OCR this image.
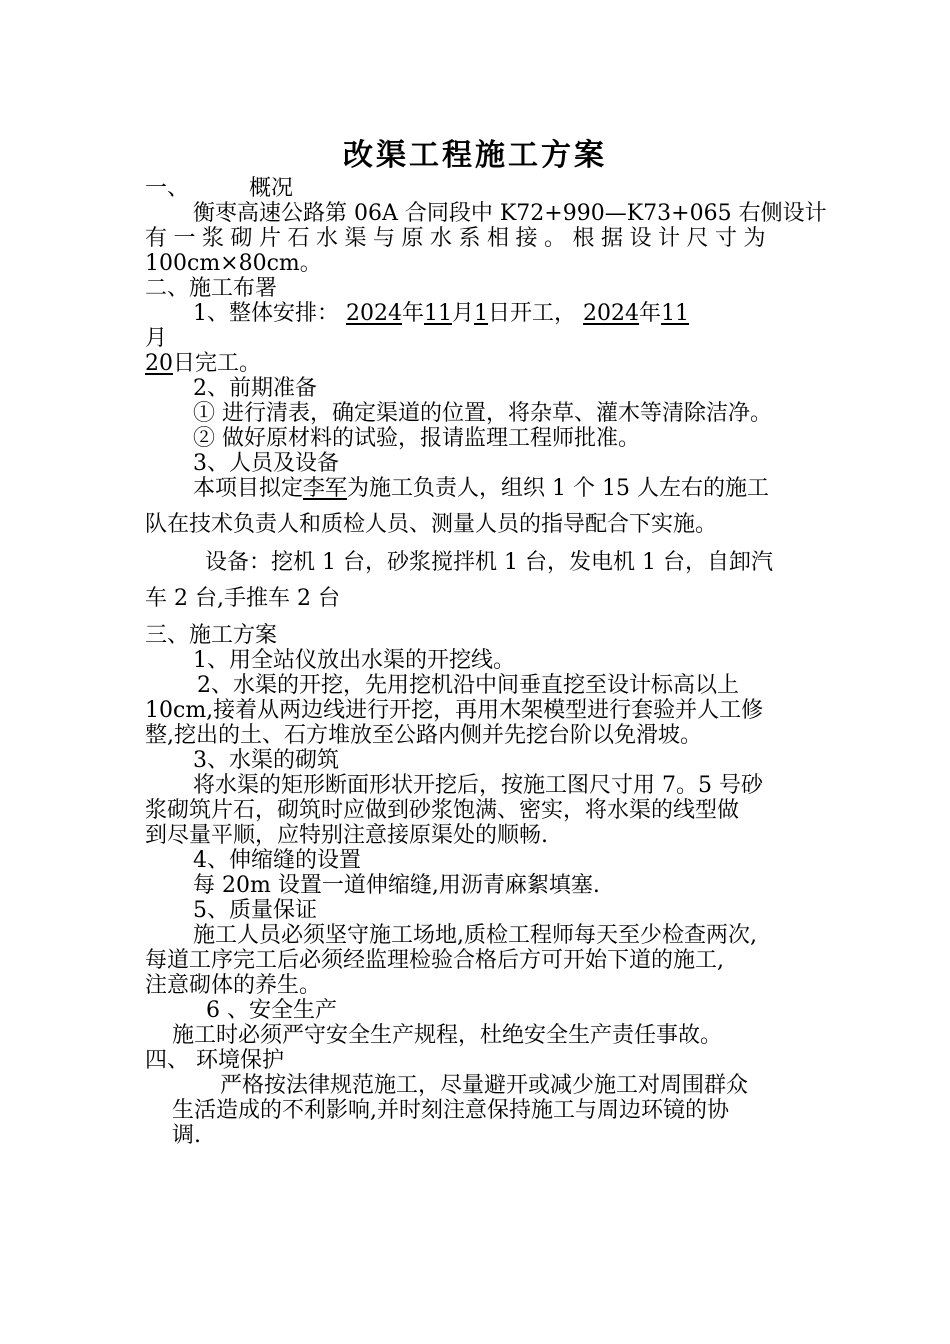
改渠工程施工方案
一、	概况
衡枣高速公路第 06A 合同段中 K72+990—K73+065 右侧设计
有一浆砌片石水渠与原水系相接。根据设计尺寸为
100cm×80cm。
二、施工布署
1、整体安排： 2024年11月1日开工， 2024年11
月
20日完工。
2、前期准备
① 进行清表，确定渠道的位置，将杂草、灌木等清除洁净。
② 做好原材料的试验，报请监理工程师批准。
3、人员及设备
本项目拟定李军为施工负责人，组织 1 个 15 人左右的施工
队在技术负责人和质检人员、测量人员的指导配合下实施。
设备：挖机 1 台，砂浆搅拌机 1 台，发电机 1 台，自卸汽
车 2 台,手推车 2 台
三、施工方案
1、用全站仪放出水渠的开挖线。
2、水渠的开挖，先用挖机沿中间垂直挖至设计标高以上
10cm,接着从两边线进行开挖，再用木架模型进行套验并人工修
整,挖出的土、石方堆放至公路内侧并先挖台阶以免滑坡。
3、水渠的砌筑
将水渠的矩形断面形状开挖后，按施工图尺寸用 7。5 号砂
浆砌筑片石，砌筑时应做到砂浆饱满、密实，将水渠的线型做
到尽量平顺，应特别注意接原渠处的顺畅.
4、伸缩缝的设置
每 20m 设置一道伸缩缝,用沥青麻絮填塞.
5、质量保证
施工人员必须坚守施工场地,质检工程师每天至少检查两次,
每道工序完工后必须经监理检验合格后方可开始下道的施工,
注意砌体的养生。
6 、安全生产
施工时必须严守安全生产规程，杜绝安全生产责任事故。
四、 环境保护
严格按法律规范施工，尽量避开或减少施工对周围群众
生活造成的不利影响,并时刻注意保持施工与周边环镜的协
调.
